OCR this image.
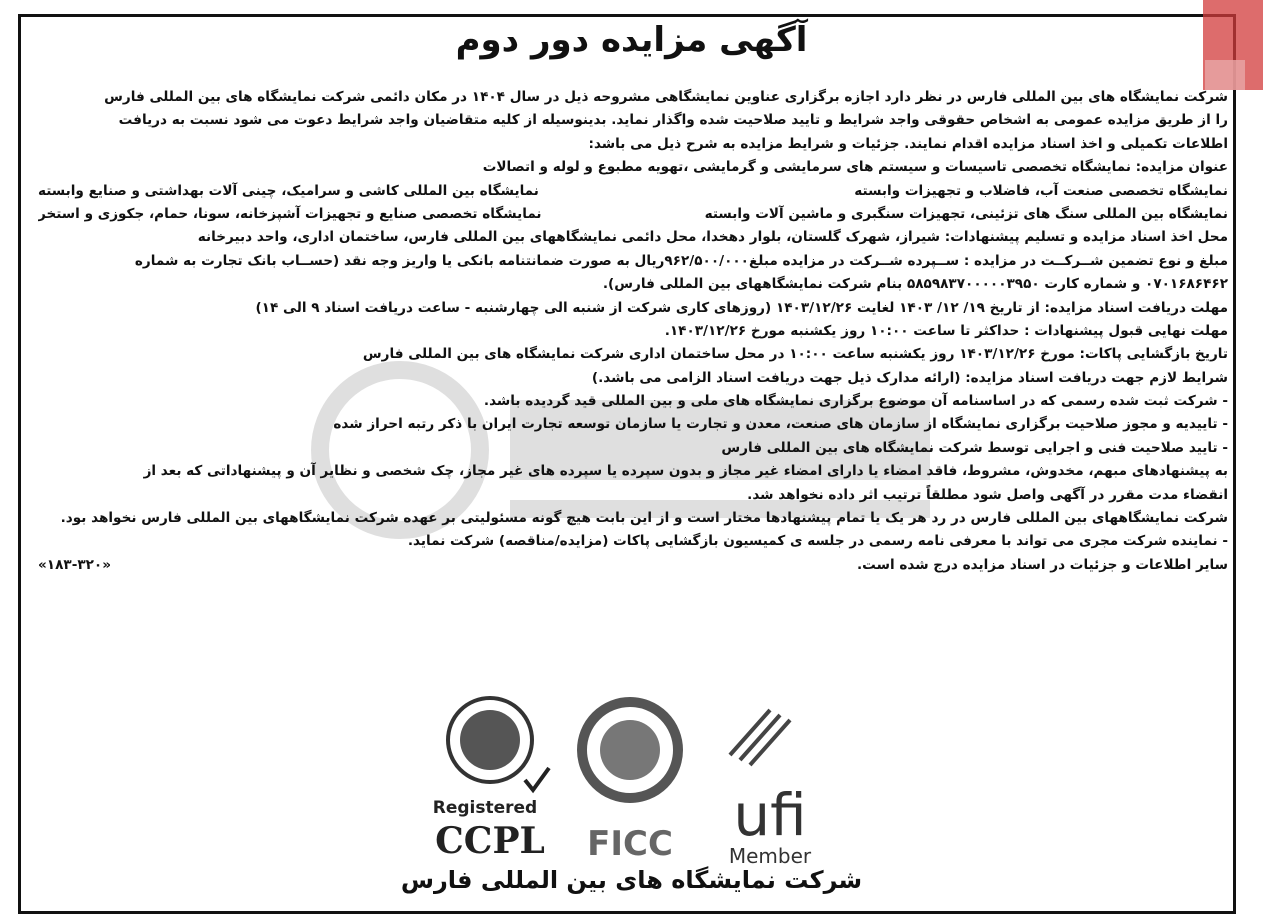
آگهی مزایده دور دوم
شرکت نمایشگاه های بین المللی فارس در نظر دارد اجازه برگزاری عناوین نمایشگاهی مشروحه ذیل در سال ۱۴۰۴ در مکان دائمی شرکت نمایشگاه های بین المللی فارس
را از طریق مزایده عمومی به اشخاص حقوقی واجد شرایط و تایید صلاحیت شده واگذار نماید. بدینوسیله از کلیه متقاضیان واجد شرایط دعوت می شود نسبت به دریافت
اطلاعات تکمیلی و اخذ اسناد مزایده اقدام نمایند. جزئیات و شرایط مزایده به شرح ذیل می باشد:
عنوان مزایده: نمایشگاه تخصصی تاسیسات و سیستم های سرمایشی و گرمایشی ،تهویه مطبوع و لوله و اتصالات
نمایشگاه تخصصی صنعت آب، فاضلاب و تجهیزات وابسته
نمایشگاه بین المللی کاشی و سرامیک، چینی آلات بهداشتی و صنایع وابسته
نمایشگاه بین المللی سنگ های تزئینی، تجهیزات سنگبری و ماشین آلات وابسته
نمایشگاه تخصصی صنایع و تجهیزات آشپزخانه، سونا، حمام، جکوزی و استخر
محل اخذ اسناد مزایده و تسلیم پیشنهادات: شیراز، شهرک گلستان، بلوار دهخدا، محل دائمی نمایشگاههای بین المللی فارس، ساختمان اداری، واحد دبیرخانه
مبلغ و نوع تضمین شــرکــت در مزایده : ســپرده شــرکت در مزایده مبلغ۹۶۲/۵۰۰/۰۰۰ریال به صورت ضمانتنامه بانکی یا واریز وجه نقد (حســاب بانک تجارت به شماره
۰۷۰۱۶۸۶۴۶۲ و شماره کارت ۵۸۵۹۸۳۷۰۰۰۰۰۳۹۵۰ بنام شرکت نمایشگاههای بین المللی فارس).
مهلت دریافت اسناد مزایده: از تاریخ ۱۹/ ۱۲/ ۱۴۰۳ لغایت ۱۴۰۳/۱۲/۲۶ (روزهای کاری شرکت از شنبه الی چهارشنبه - ساعت دریافت اسناد ۹ الی ۱۴)
مهلت نهایی قبول پیشنهادات : حداکثر تا ساعت ۱۰:۰۰ روز یکشنبه مورخ ۱۴۰۳/۱۲/۲۶.
تاریخ بازگشایی پاکات: مورخ ۱۴۰۳/۱۲/۲۶ روز یکشنبه ساعت ۱۰:۰۰ در محل ساختمان اداری شرکت نمایشگاه های بین المللی فارس
شرایط لازم جهت دریافت اسناد مزایده: (ارائه مدارک ذیل جهت دریافت اسناد الزامی می باشد.)
- شرکت ثبت شده رسمی که در اساسنامه آن موضوع برگزاری نمایشگاه های ملی و بین المللی قید گردیده باشد.
- تاییدیه و مجوز صلاحیت برگزاری نمایشگاه از سازمان های صنعت، معدن و تجارت یا سازمان توسعه تجارت ایران با ذکر رتبه احراز شده
- تایید صلاحیت فنی و اجرایی توسط شرکت نمایشگاه های بین المللی فارس
به پیشنهادهای مبهم، مخدوش، مشروط، فاقد امضاء یا دارای امضاء غیر مجاز و بدون سپرده یا سپرده های غیر مجاز، چک شخصی و نظایر آن و پیشنهاداتی که بعد از
انقضاء مدت مقرر در آگهی واصل شود مطلقاً ترتیب اثر داده نخواهد شد.
شرکت نمایشگاههای بین المللی فارس در رد هر یک یا تمام پیشنهادها مختار است و از این بابت هیچ گونه مسئولیتی بر عهده شرکت نمایشگاههای بین المللی فارس نخواهد بود.
- نماینده شرکت مجری می تواند با معرفی نامه رسمی در جلسه ی کمیسیون بازگشایی پاکات (مزایده/مناقصه) شرکت نماید.
سایر اطلاعات و جزئیات در اسناد مزایده درج شده است.
«۱۸۳-۳۲۰»
Registered
CCPL FICC ufi
Member
شرکت نمایشگاه های بین المللی فارس
